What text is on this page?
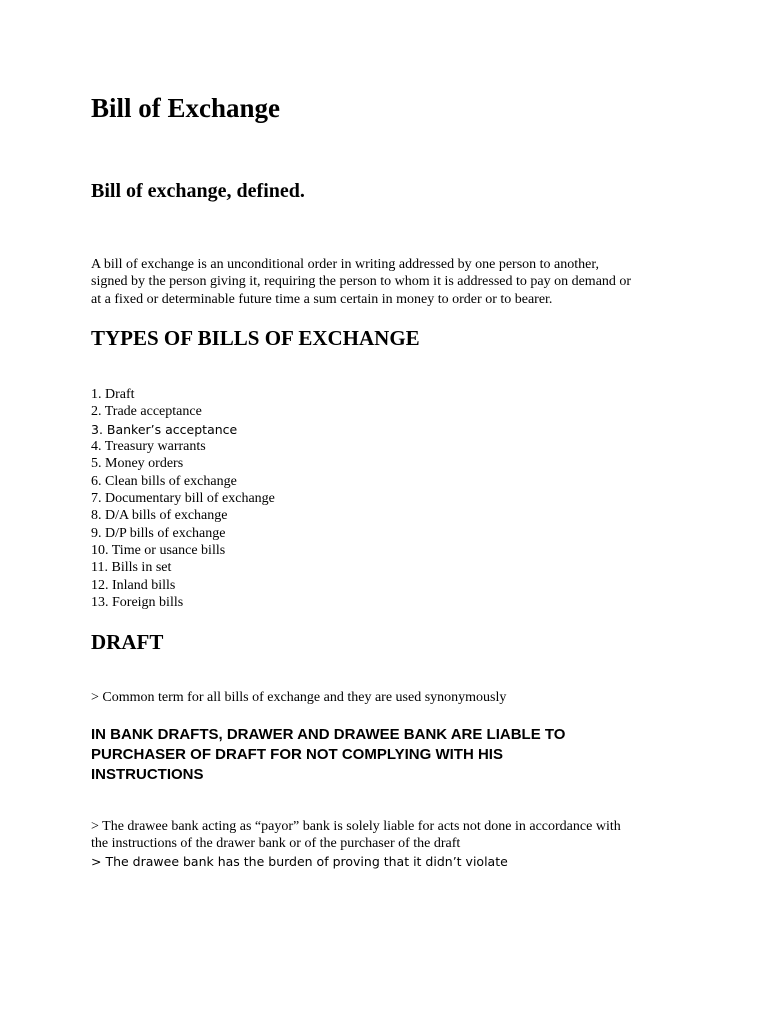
Bill of Exchange
Bill of exchange, defined.
A bill of exchange is an unconditional order in writing addressed by one person to another,
signed by the person giving it, requiring the person to whom it is addressed to pay on demand or
at a fixed or determinable future time a sum certain in money to order or to bearer.
TYPES OF BILLS OF EXCHANGE
1. Draft
2. Trade acceptance
3. Banker’s acceptance
4. Treasury warrants
5. Money orders
6. Clean bills of exchange
7. Documentary bill of exchange
8. D/A bills of exchange
9. D/P bills of exchange
10. Time or usance bills
11. Bills in set
12. Inland bills
13. Foreign bills
DRAFT

> Common term for all bills of exchange and they are used synonymously

IN BANK DRAFTS, DRAWER AND DRAWEE BANK ARE LIABLE TO
PURCHASER OF DRAFT FOR NOT COMPLYING WITH HIS
INSTRUCTIONS
> The drawee bank acting as “payor” bank is solely liable for acts not done in accordance with
the instructions of the drawer bank or of the purchaser of the draft
> The drawee bank has the burden of proving that it didn’t violate
